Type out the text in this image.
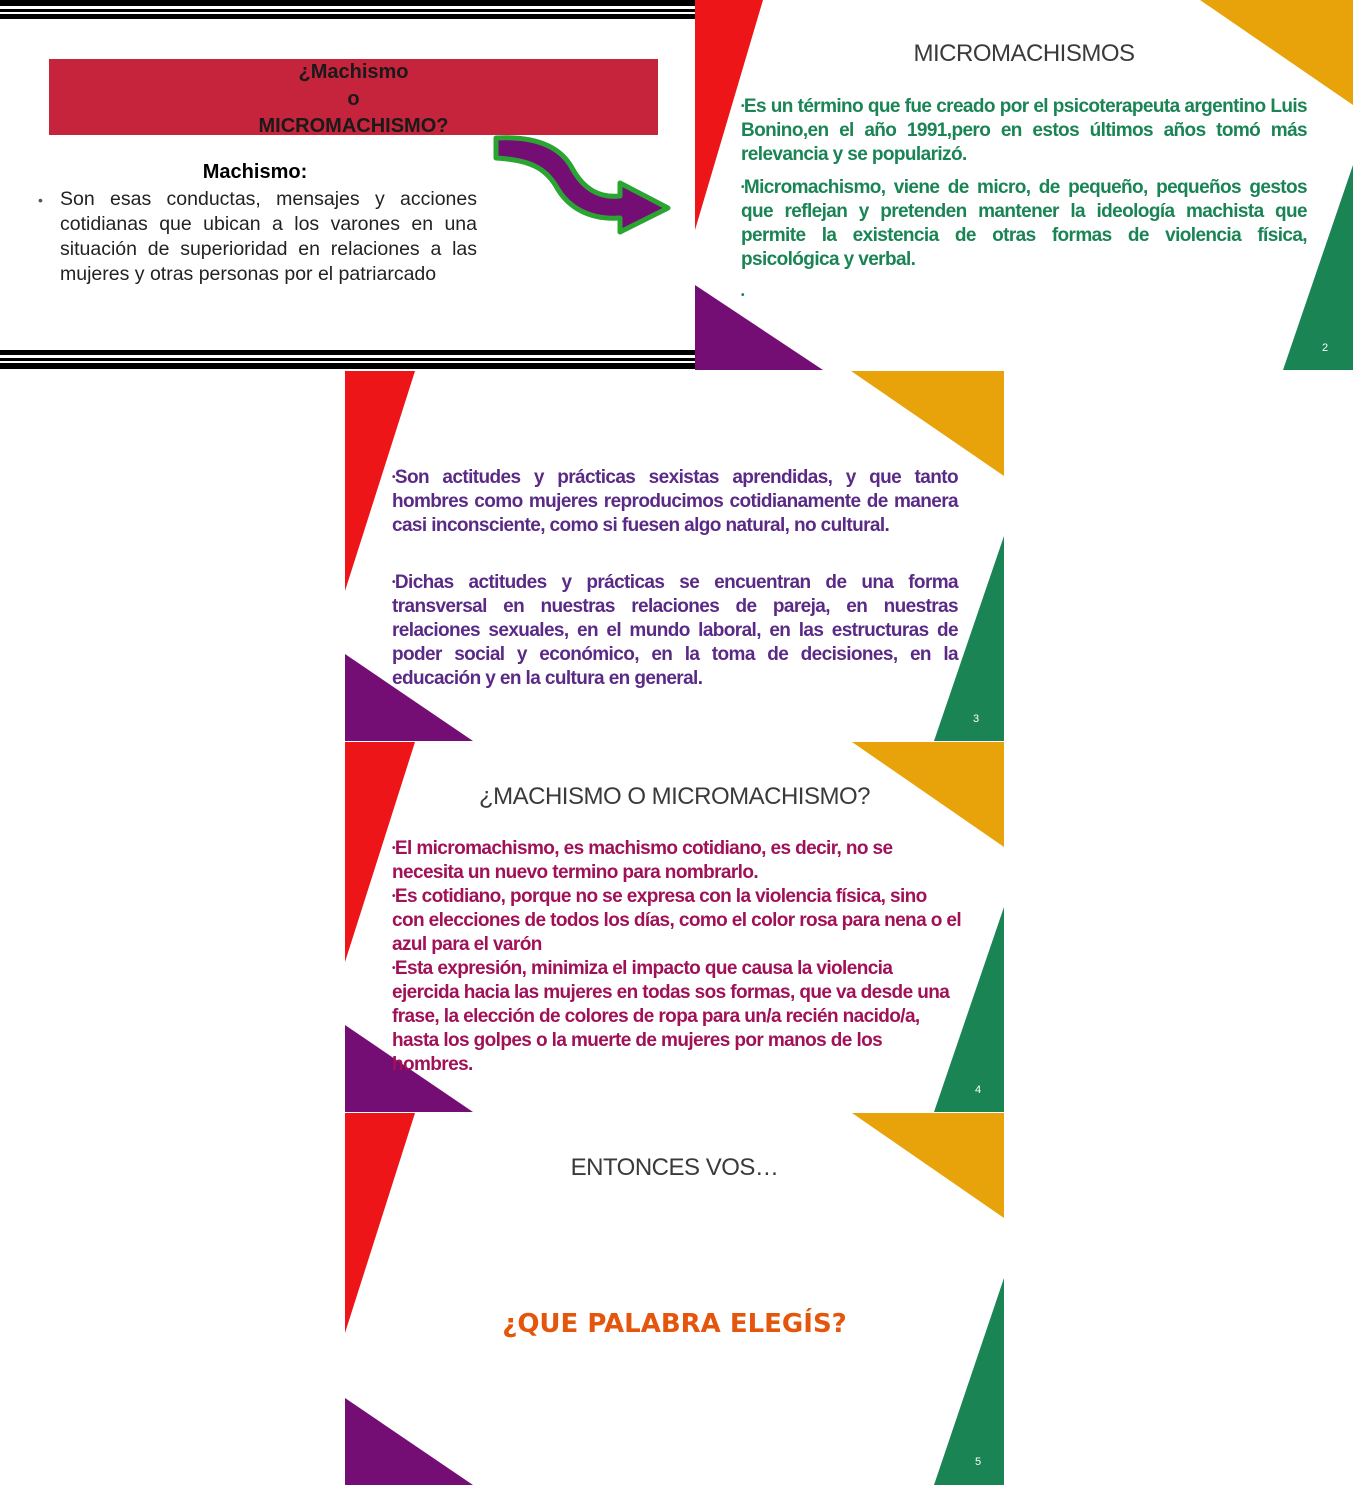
¿Machismo
o
MICROMACHISMO?
Machismo:
• Son esas conductas, mensajes y acciones cotidianas que ubican a los varones en una situación de superioridad en relaciones a las mujeres y otras personas por el patriarcado
MICROMACHISMOS
•Es un término que fue creado por el psicoterapeuta argentino Luis Bonino,en el año 1991,pero en estos últimos años tomó más relevancia y se popularizó.
•Micromachismo, viene de micro, de pequeño, pequeños gestos que reflejan y pretenden mantener la ideología machista que permite la existencia de otras formas de violencia física, psicológica y verbal.
•
2
•Son actitudes y prácticas sexistas aprendidas, y que tanto hombres como mujeres reproducimos cotidianamente de manera casi inconsciente, como si fuesen algo natural, no cultural.
•Dichas actitudes y prácticas se encuentran de una forma transversal en nuestras relaciones de pareja, en nuestras relaciones sexuales, en el mundo laboral, en las estructuras de poder social y económico, en la toma de decisiones, en la educación y en la cultura en general.
3
¿MACHISMO O MICROMACHISMO?
•El micromachismo, es machismo cotidiano, es decir, no se necesita un nuevo termino para nombrarlo.
•Es cotidiano, porque no se expresa con la violencia física, sino con elecciones de todos los días, como el color rosa para nena o el azul para el varón
•Esta expresión, minimiza el impacto que causa la violencia ejercida hacia las mujeres en todas sos formas, que va desde una frase, la elección de colores de ropa para un/a recién nacido/a, hasta los golpes o la muerte de mujeres por manos de los hombres.
4
ENTONCES VOS…
¿QUE PALABRA ELEGÍS?
5
